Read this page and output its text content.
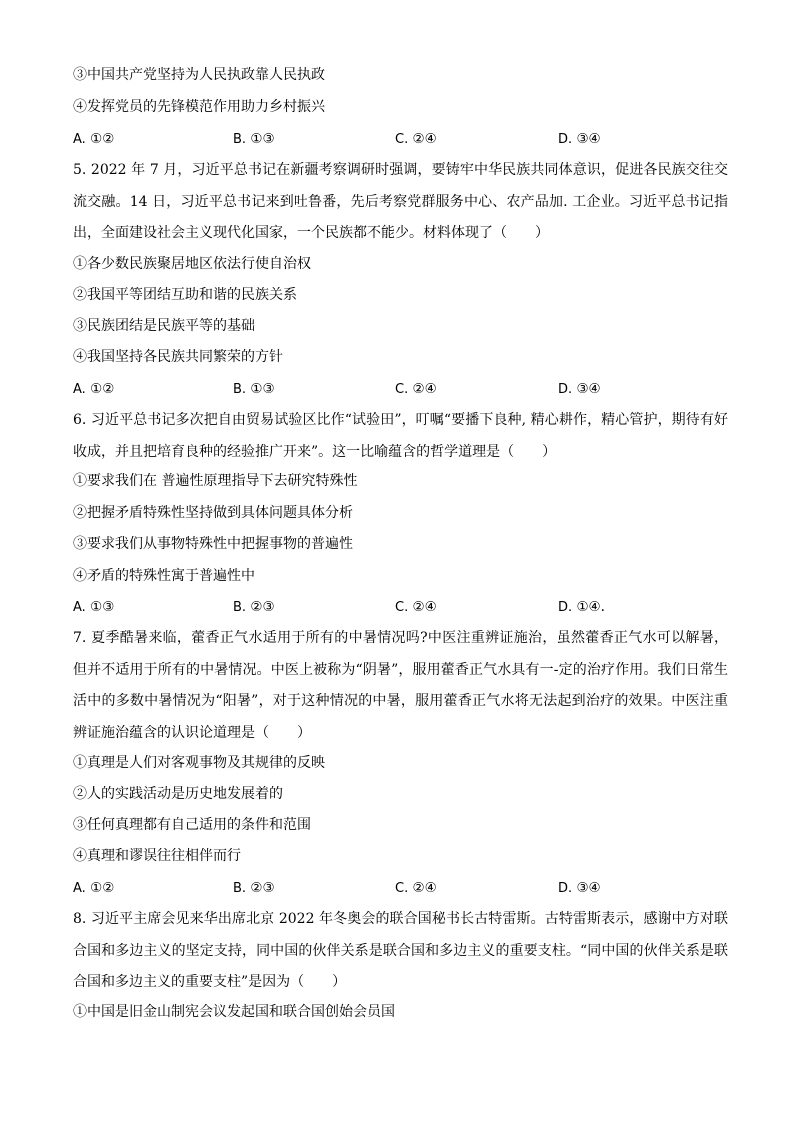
③中国共产党坚持为人民执政靠人民执政
④发挥党员的先锋模范作用助力乡村振兴
A. ①②	B. ①③	C. ②④	D. ③④
5. 2022 年 7 月，习近平总书记在新疆考察调研时强调，要铸牢中华民族共同体意识，促进各民族交往交流交融。14 日，习近平总书记来到吐鲁番，先后考察党群服务中心、农产品加. 工企业。习近平总书记指出，全面建设社会主义现代化国家，一个民族都不能少。材料体现了（　　）
①各少数民族聚居地区依法行使自治权
②我国平等团结互助和谐的民族关系
③民族团结是民族平等的基础
④我国坚持各民族共同繁荣的方针
A. ①②	B. ①③	C. ②④	D. ③④
6. 习近平总书记多次把自由贸易试验区比作“试验田”，叮嘱“要播下良种, 精心耕作，精心管护，期待有好收成，并且把培育良种的经验推广开来”。这一比喻蕴含的哲学道理是（　　）
①要求我们在 普遍性原理指导下去研究特殊性
②把握矛盾特殊性坚持做到具体问题具体分析
③要求我们从事物特殊性中把握事物的普遍性
④矛盾的特殊性寓于普遍性中
A. ①③	B. ②③	C. ②④	D. ①④.
7. 夏季酷暑来临，藿香正气水适用于所有的中暑情况吗?中医注重辨证施治，虽然藿香正气水可以解暑，但并不适用于所有的中暑情况。中医上被称为“阴暑”，服用藿香正气水具有一-定的治疗作用。我们日常生活中的多数中暑情况为“阳暑”，对于这种情况的中暑，服用藿香正气水将无法起到治疗的效果。中医注重辨证施治蕴含的认识论道理是（　　）
①真理是人们对客观事物及其规律的反映
②人的实践活动是历史地发展着的
③任何真理都有自己适用的条件和范围
④真理和谬误往往相伴而行
A. ①②	B. ②③	C. ②④	D. ③④
8. 习近平主席会见来华出席北京 2022 年冬奥会的联合国秘书长古特雷斯。古特雷斯表示，感谢中方对联合国和多边主义的坚定支持，同中国的伙伴关系是联合国和多边主义的重要支柱。“同中国的伙伴关系是联合国和多边主义的重要支柱”是因为（　　）
①中国是旧金山制宪会议发起国和联合国创始会员国
